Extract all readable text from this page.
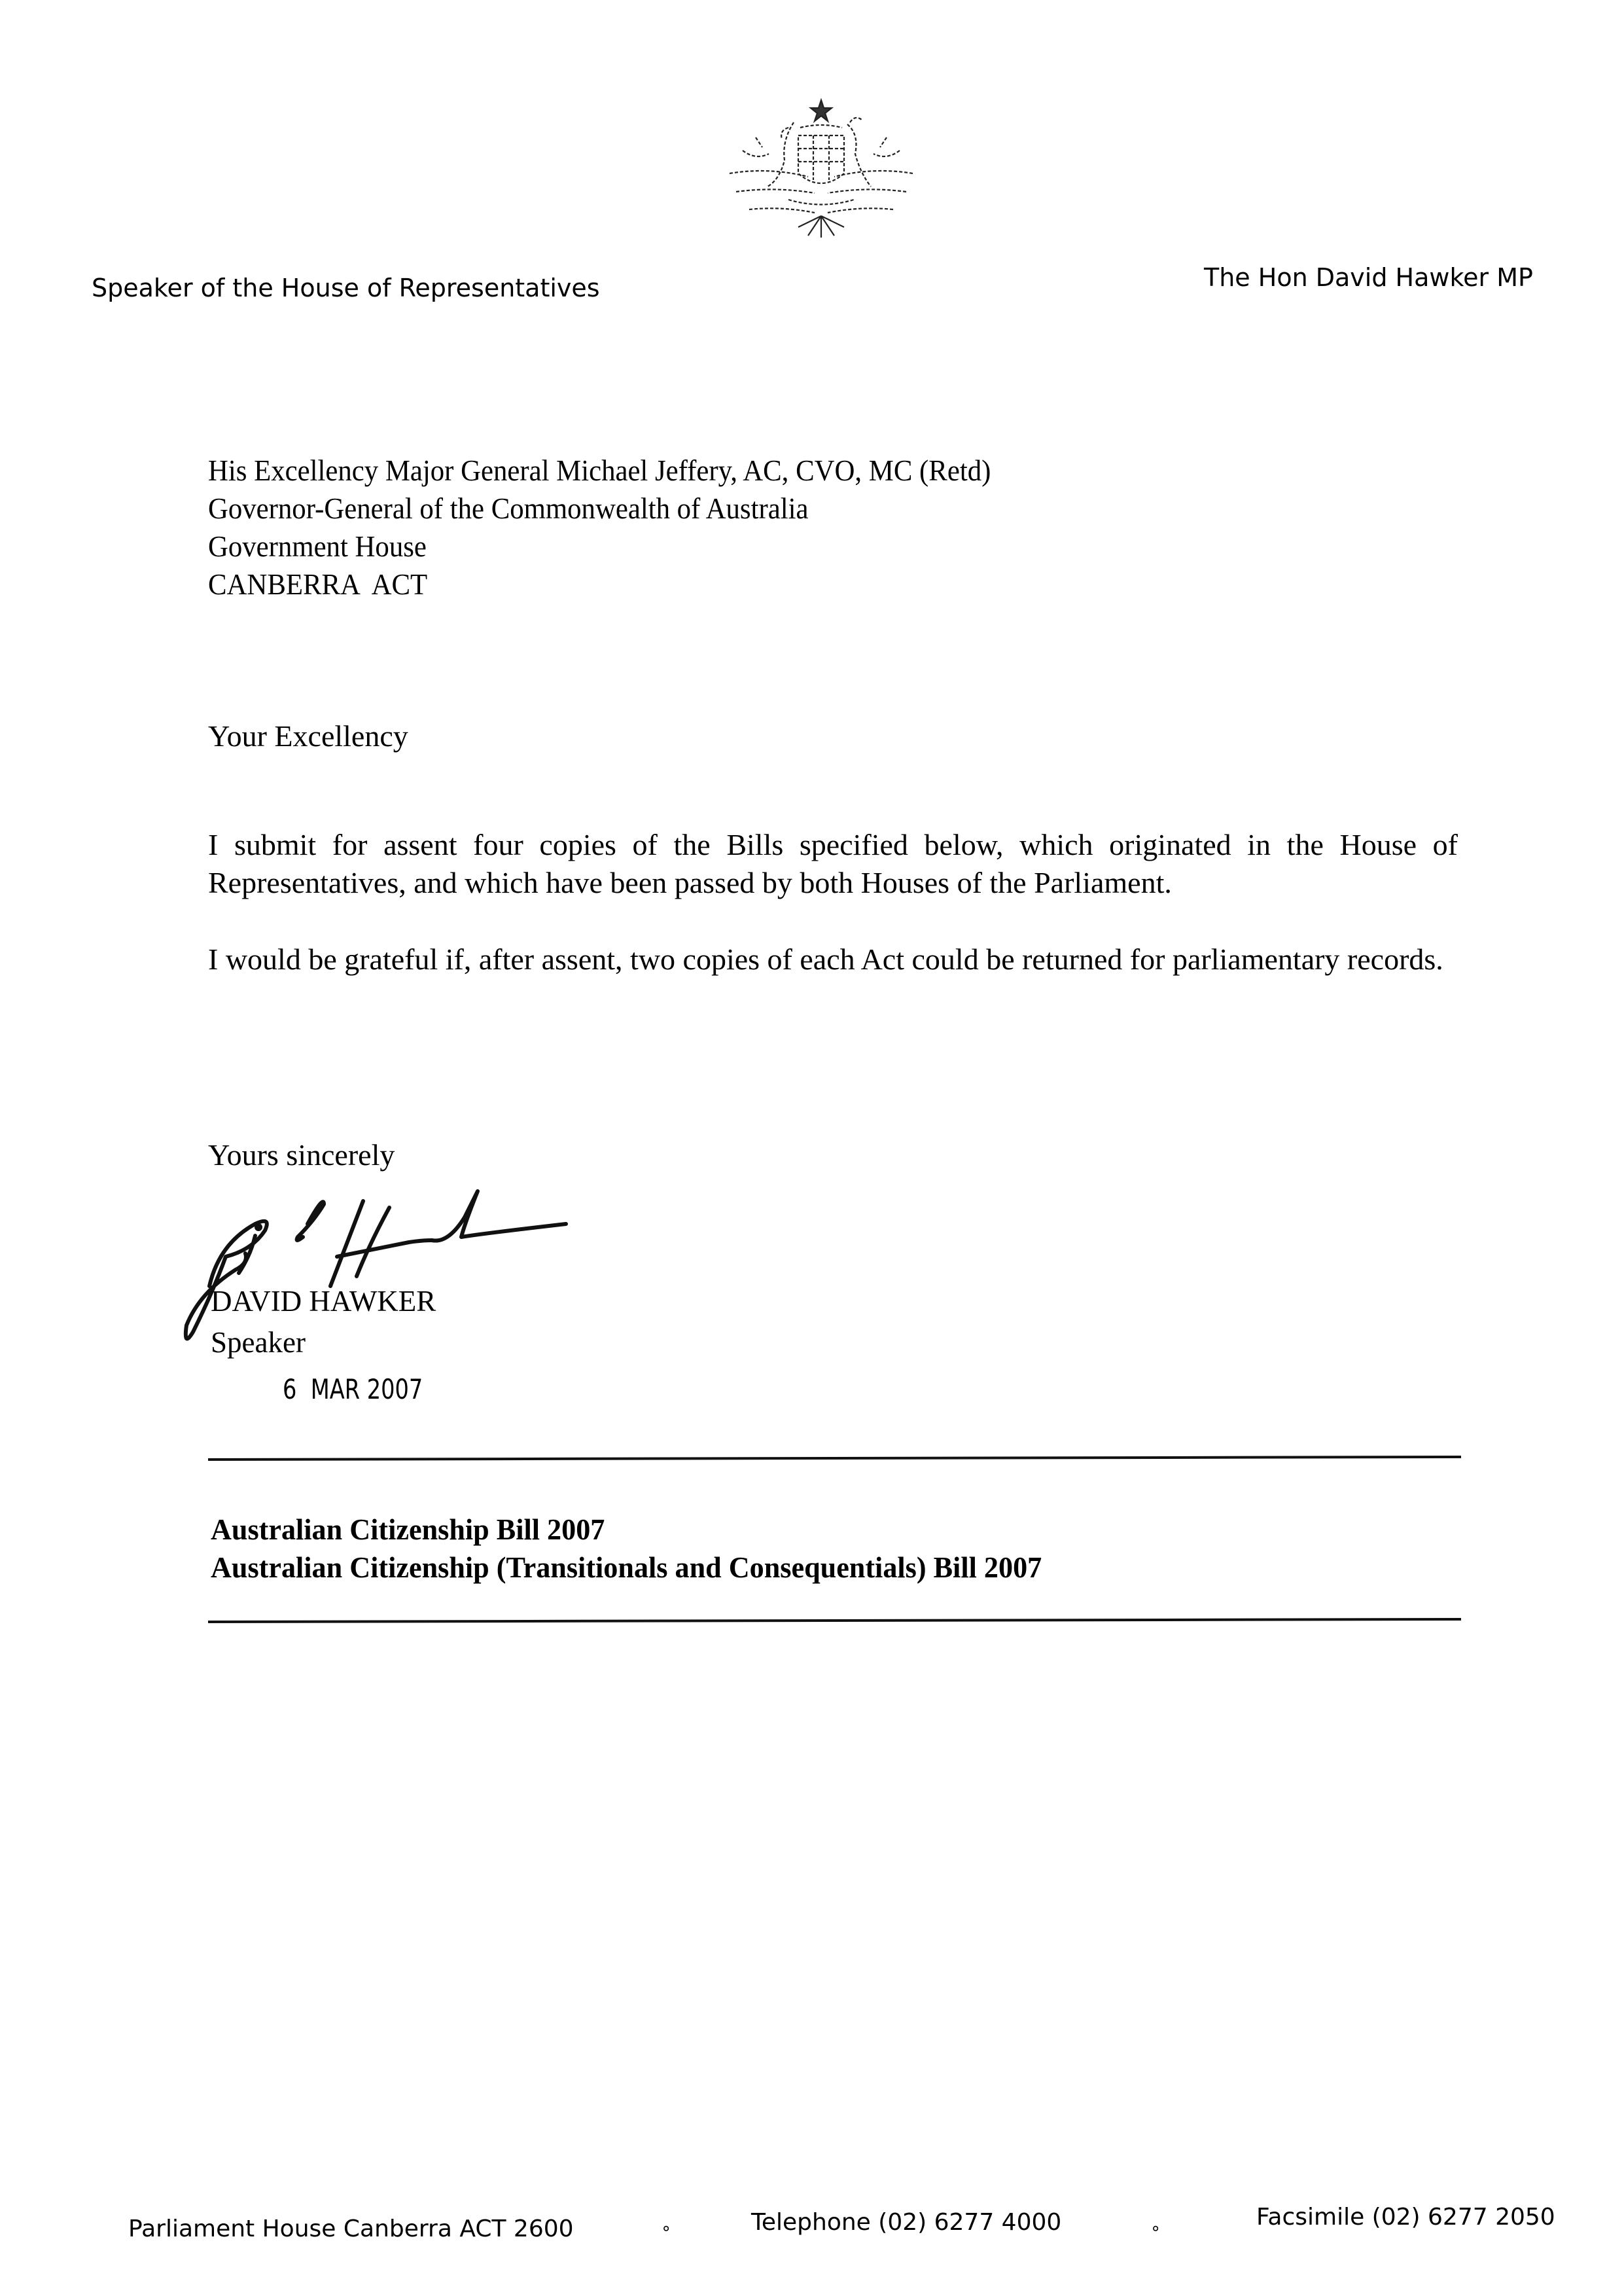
Speaker of the House of Representatives	The Hon David Hawker MP
His Excellency Major General Michael Jeffery, AC, CVO, MC (Retd)
Governor-General of the Commonwealth of Australia
Government House
CANBERRA  ACT
Your Excellency
I submit for assent four copies of the Bills specified below, which originated in the House of Representatives, and which have been passed by both Houses of the Parliament.
I would be grateful if, after assent, two copies of each Act could be returned for parliamentary records.
Yours sincerely
DAVID HAWKER
Speaker
6  MAR 2007
Australian Citizenship Bill 2007
Australian Citizenship (Transitionals and Consequentials) Bill 2007
Parliament House Canberra ACT 2600	∘	Telephone (02) 6277 4000	∘	Facsimile (02) 6277 2050
